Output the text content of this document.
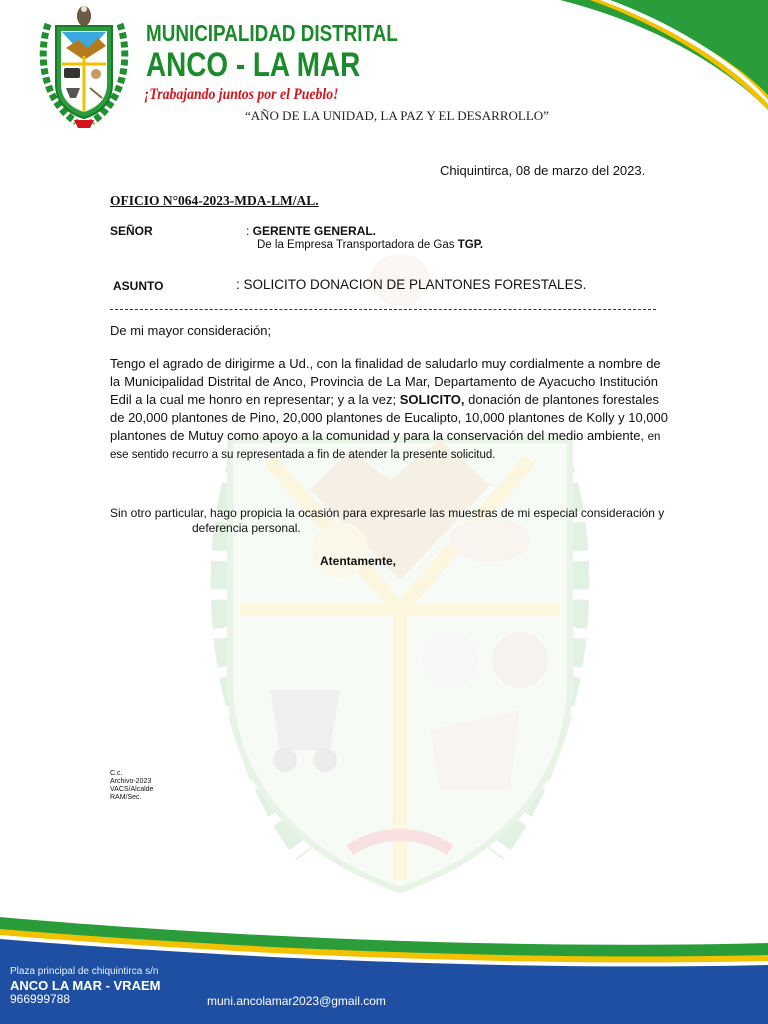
MUNICIPALIDAD DISTRITAL
ANCO - LA MAR
¡Trabajando juntos por el Pueblo!
“AÑO DE LA UNIDAD, LA PAZ Y EL DESARROLLO”
Chiquintirca, 08 de marzo del 2023.
OFICIO N°064-2023-MDA-LM/AL.
SEÑOR	: GERENTE GENERAL.
De la Empresa Transportadora de Gas TGP.
ASUNTO	: SOLICITO DONACION DE PLANTONES FORESTALES.
De mi mayor consideración;
Tengo el agrado de dirigirme a Ud., con la finalidad de saludarlo muy cordialmente a nombre de
la Municipalidad Distrital de Anco, Provincia de La Mar, Departamento de Ayacucho Institución
Edil a la cual me honro en representar; y a la vez; SOLICITO, donación de plantones forestales
de 20,000 plantones de Pino, 20,000 plantones de Eucalipto, 10,000 plantones de Kolly y 10,000
plantones de Mutuy como apoyo a la comunidad y para la conservación del medio ambiente, en
ese sentido recurro a su representada a fin de atender la presente solicitud.
Sin otro particular, hago propicia la ocasión para expresarle las muestras de mi especial consideración y
deferencia personal.
Atentamente,
C.c.
Archivo-2023
VACS/Alcalde
RAM/Sec.
Plaza principal de chiquintirca s/n
ANCO LA MAR - VRAEM
966999788	muni.ancolamar2023@gmail.com
